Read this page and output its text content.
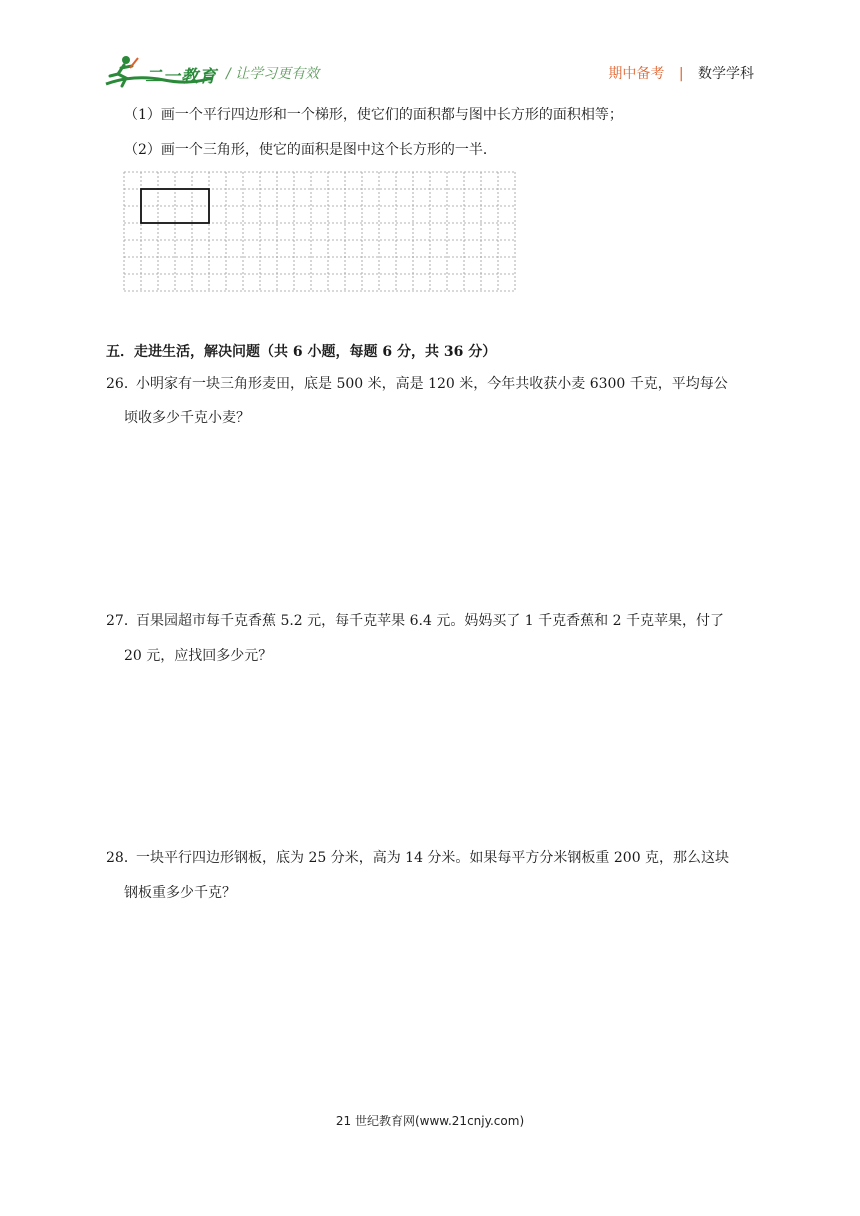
二一教育 / 让学习更有效	期中备考 | 数学学科
（1）画一个平行四边形和一个梯形，使它们的面积都与图中长方形的面积相等；
（2）画一个三角形，使它的面积是图中这个长方形的一半．
五．走进生活，解决问题（共 6 小题，每题 6 分，共 36 分）
26．
小明家有一块三角形麦田，底是 500 米，高是 120 米，今年共收获小麦 6300 千克，平均每公
顷收多少千克小麦？
27．
百果园超市每千克香蕉 5.2 元，每千克苹果 6.4 元。妈妈买了 1 千克香蕉和 2 千克苹果，付了
20 元，应找回多少元？
28．
一块平行四边形钢板，底为 25 分米，高为 14 分米。如果每平方分米钢板重 200 克，那么这块
钢板重多少千克？
21 世纪教育网(www.21cnjy.com)
